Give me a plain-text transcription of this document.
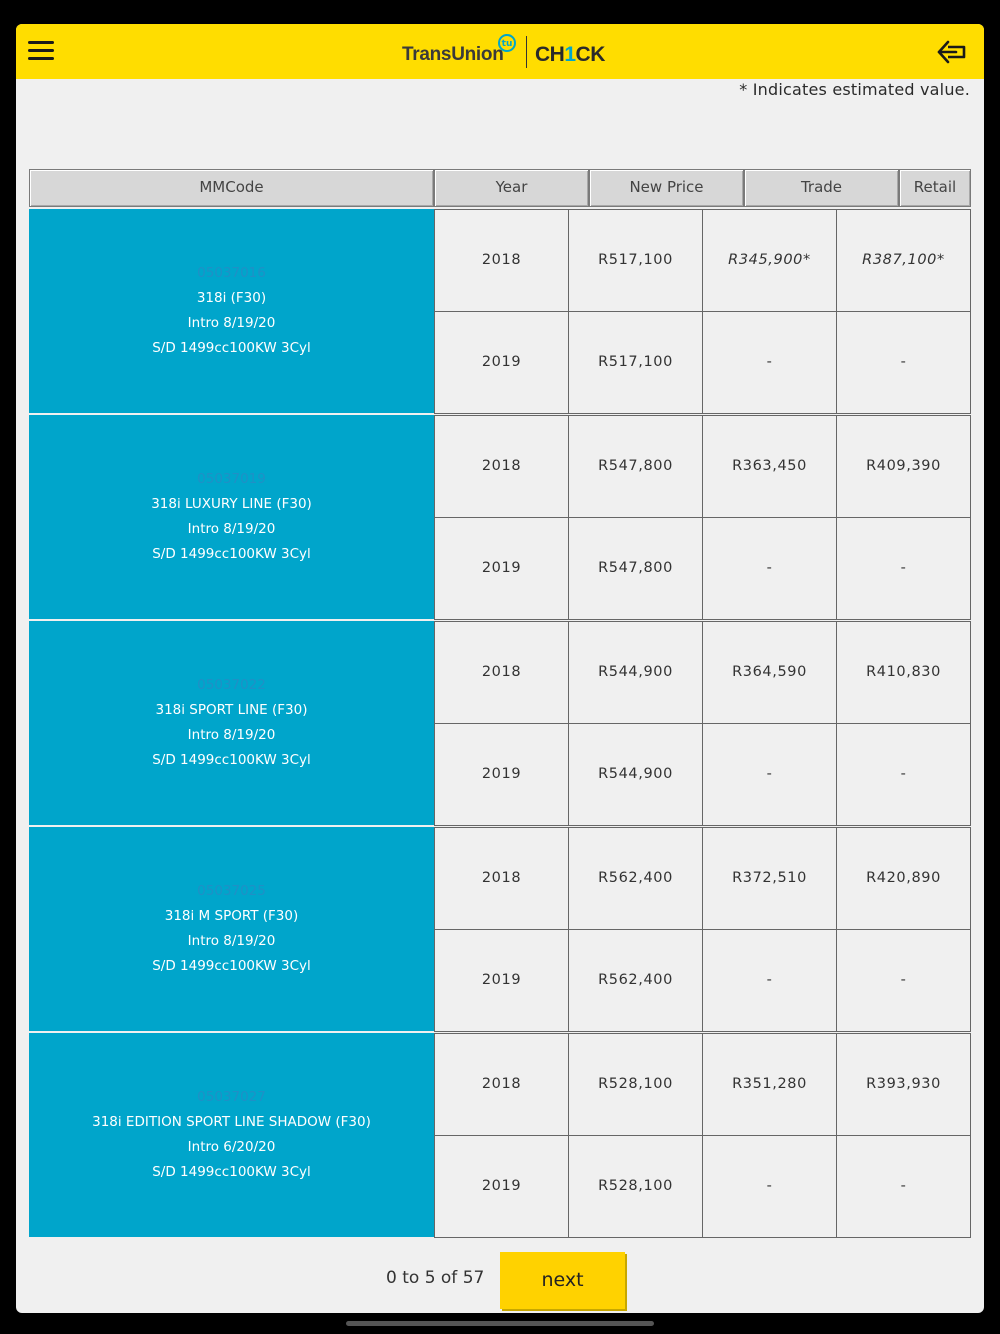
TransUnion
tu CH1CK
* Indicates estimated value.
MMCode	Year	New Price	Trade	Retail
05037016
318i (F30)
Intro 8/19/20
S/D 1499cc100KW 3Cyl
2018	R517,100	R345,900*	R387,100*
2019	R517,100	-	-
05037019
318i LUXURY LINE (F30)
Intro 8/19/20
S/D 1499cc100KW 3Cyl
2018	R547,800	R363,450	R409,390
2019	R547,800	-	-
05037022
318i SPORT LINE (F30)
Intro 8/19/20
S/D 1499cc100KW 3Cyl
2018	R544,900	R364,590	R410,830
2019	R544,900	-	-
05037025
318i M SPORT (F30)
Intro 8/19/20
S/D 1499cc100KW 3Cyl
2018	R562,400	R372,510	R420,890
2019	R562,400	-	-
05037027
318i EDITION SPORT LINE SHADOW (F30)
Intro 6/20/20
S/D 1499cc100KW 3Cyl
2018	R528,100	R351,280	R393,930
2019	R528,100	-	-
0 to 5 of 57	next
